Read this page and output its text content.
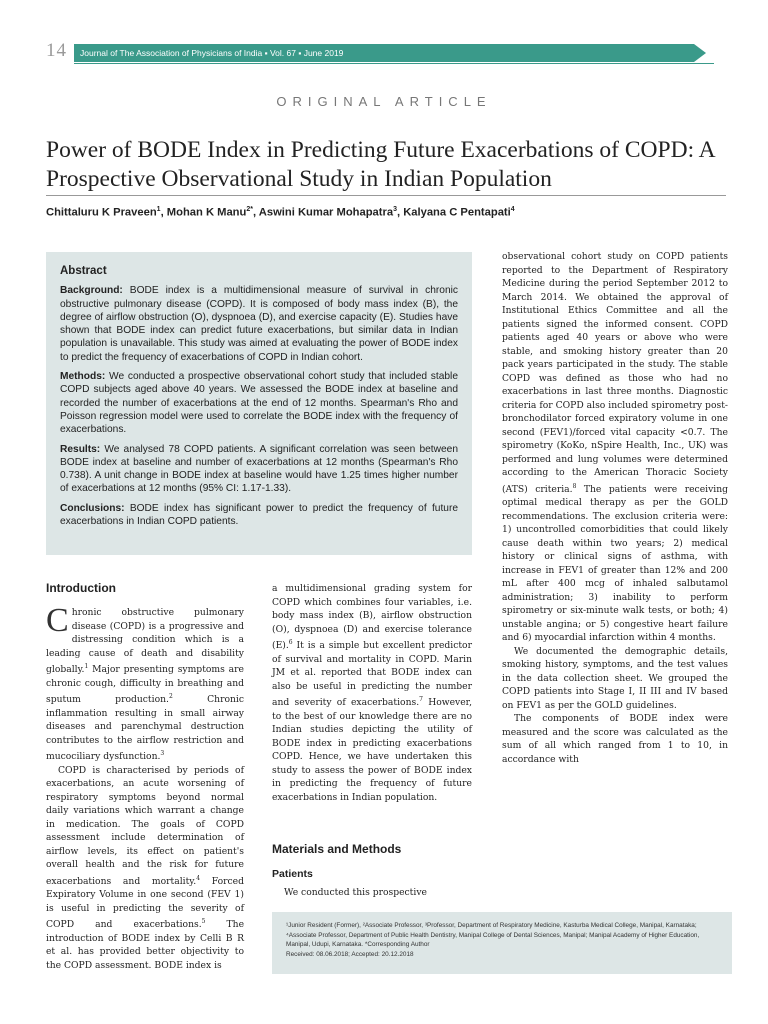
14	Journal of The Association of Physicians of India ▪ Vol. 67 ▪ June 2019
ORIGINAL ARTICLE
Power of BODE Index in Predicting Future Exacerbations of COPD: A Prospective Observational Study in Indian Population
Chittaluru K Praveen$^1$, Mohan K Manu$^{2*}$, Aswini Kumar Mohapatra$^3$, Kalyana C Pentapati$^4$
Abstract

Background: BODE index is a multidimensional measure of survival in chronic obstructive pulmonary disease (COPD). It is composed of body mass index (B), the degree of airflow obstruction (O), dyspnoea (D), and exercise capacity (E). Studies have shown that BODE index can predict future exacerbations, but similar data in Indian population is unavailable. This study was aimed at evaluating the power of BODE index to predict the frequency of exacerbations of COPD in Indian cohort.

Methods: We conducted a prospective observational cohort study that included stable COPD subjects aged above 40 years. We assessed the BODE index at baseline and recorded the number of exacerbations at the end of 12 months. Spearman's Rho and Poisson regression model were used to correlate the BODE index with the frequency of exacerbations.

Results: We analysed 78 COPD patients. A significant correlation was seen between BODE index at baseline and number of exacerbations at 12 months (Spearman's Rho 0.738). A unit change in BODE index at baseline would have 1.25 times higher number of exacerbations at 12 months (95% CI: 1.17-1.33).

Conclusions: BODE index has significant power to predict the frequency of future exacerbations in Indian COPD patients.

Introduction

Chronic obstructive pulmonary disease (COPD) is a progressive and distressing condition which is a leading cause of death and disability globally.$^1$ Major presenting symptoms are chronic cough, difficulty in breathing and sputum production.$^2$ Chronic inflammation resulting in small airway diseases and parenchymal destruction contributes to the airflow restriction and mucociliary dysfunction.$^3$

COPD is characterised by periods of exacerbations, an acute worsening of respiratory symptoms beyond normal daily variations which warrant a change in medication. The goals of COPD assessment include determination of airflow levels, its effect on patient's overall health and the risk for future exacerbations and mortality.$^4$ Forced Expiratory Volume in one second (FEV 1) is useful in predicting the severity of COPD and exacerbations.$^5$ The introduction of BODE index by Celli B R et al. has provided better objectivity to the COPD assessment. BODE index is

a multidimensional grading system for COPD which combines four variables, i.e. body mass index (B), airflow obstruction (O), dyspnoea (D) and exercise tolerance (E).$^6$ It is a simple but excellent predictor of survival and mortality in COPD. Marin JM et al. reported that BODE index can also be useful in predicting the number and severity of exacerbations.$^7$ However, to the best of our knowledge there are no Indian studies depicting the utility of BODE index in predicting exacerbations COPD. Hence, we have undertaken this study to assess the power of BODE index in predicting the frequency of future exacerbations in Indian population.

Materials and Methods
Patients

We conducted this prospective

observational cohort study on COPD patients reported to the Department of Respiratory Medicine during the period September 2012 to March 2014. We obtained the approval of Institutional Ethics Committee and all the patients signed the informed consent. COPD patients aged 40 years or above who were stable, and smoking history greater than 20 pack years participated in the study. The stable COPD was defined as those who had no exacerbations in last three months. Diagnostic criteria for COPD also included spirometry post-bronchodilator forced expiratory volume in one second (FEV1)/forced vital capacity <0.7. The spirometry (KoKo, nSpire Health, Inc., UK) was performed and lung volumes were determined according to the American Thoracic Society (ATS) criteria.$^8$ The patients were receiving optimal medical therapy as per the GOLD recommendations. The exclusion criteria were: 1) uncontrolled comorbidities that could likely cause death within two years; 2) medical history or clinical signs of asthma, with increase in FEV1 of greater than 12% and 200 mL after 400 mcg of inhaled salbutamol administration; 3) inability to perform spirometry or six-minute walk tests, or both; 4) unstable angina; or 5) congestive heart failure and 6) myocardial infarction within 4 months.

We documented the demographic details, smoking history, symptoms, and the test values in the data collection sheet. We grouped the COPD patients into Stage I, II III and IV based on FEV1 as per the GOLD guidelines.

The components of BODE index were measured and the score was calculated as the sum of all which ranged from 1 to 10, in accordance with

¹Junior Resident (Former), ²Associate Professor, ³Professor, Department of Respiratory Medicine, Kasturba Medical College, Manipal, Karnataka; ⁴Associate Professor, Department of Public Health Dentistry, Manipal College of Dental Sciences, Manipal; Manipal Academy of Higher Education, Manipal, Udupi, Karnataka. *Corresponding Author

Received: 08.06.2018; Accepted: 20.12.2018
